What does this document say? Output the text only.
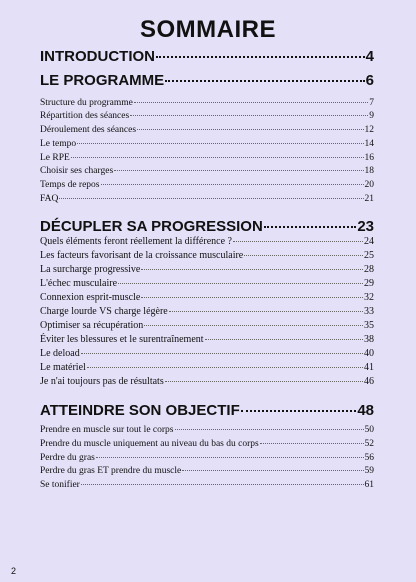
SOMMAIRE
INTRODUCTION	4
LE PROGRAMME	6
Structure du programme	7
Répartition des séances	9
Déroulement des séances	12
Le tempo	14
Le RPE	16
Choisir ses charges	18
Temps de repos	20
FAQ	21
DÉCUPLER SA PROGRESSION	23
Quels éléments feront réellement la différence ?	24
Les facteurs favorisant de la croissance musculaire	25
La surcharge progressive	28
L'échec musculaire	29
Connexion esprit-muscle	32
Charge lourde VS charge légère	33
Optimiser sa récupération	35
Éviter les blessures et le surentraînement	38
Le deload	40
Le matériel	41
Je n'ai toujours pas de résultats	46
ATTEINDRE SON OBJECTIF	48
Prendre en muscle sur tout le corps	50
Prendre du muscle uniquement au niveau du bas du corps	52
Perdre du gras	56
Perdre du gras ET prendre du muscle	59
Se tonifier	61
2
